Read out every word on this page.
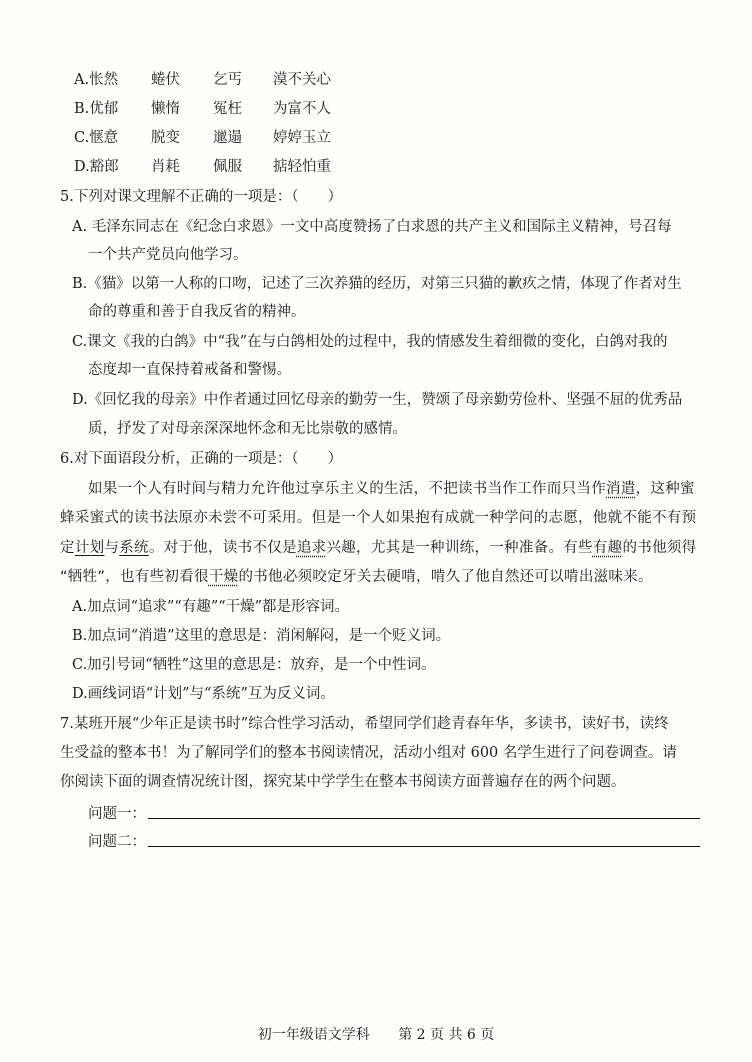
A.怅然 蜷伏 乞丐 漠不关心
B.优郁 懒惰 冤枉 为富不人
C.惬意 脱变 邋遢 婷婷玉立
D.豁郎 肖耗 佩服 掂轻怕重
5.下列对课文理解不正确的一项是：（　　）
A. 毛泽东同志在《纪念白求恩》一文中高度赞扬了白求恩的共产主义和国际主义精神，号召每
一个共产党员向他学习。
B.《猫》以第一人称的口吻，记述了三次养猫的经历，对第三只猫的歉疚之情，体现了作者对生
命的尊重和善于自我反省的精神。
C.课文《我的白鸽》中“我”在与白鸽相处的过程中，我的情感发生着细微的变化，白鸽对我的
态度却一直保持着戒备和警惕。
D.《回忆我的母亲》中作者通过回忆母亲的勤劳一生，赞颂了母亲勤劳俭朴、坚强不屈的优秀品
质，抒发了对母亲深深地怀念和无比崇敬的感情。
6.对下面语段分析，正确的一项是：（　　）
如果一个人有时间与精力允许他过享乐主义的生活，不把读书当作工作而只当作消遣，这种蜜
蜂采蜜式的读书法原亦未尝不可采用。但是一个人如果抱有成就一种学问的志愿，他就不能不有预
定计划与系统。对于他，读书不仅是追求兴趣，尤其是一种训练，一种准备。有些有趣的书他须得
“牺牲”，也有些初看很干燥的书他必须咬定牙关去硬啃，啃久了他自然还可以啃出滋味来。
A.加点词“追求”“有趣”“干燥”都是形容词。
B.加点词“消遣”这里的意思是：消闲解闷，是一个贬义词。
C.加引号词“牺牲”这里的意思是：放弃，是一个中性词。
D.画线词语“计划”与“系统”互为反义词。
7.某班开展“少年正是读书时”综合性学习活动，希望同学们趁青春年华，多读书，读好书，读终
生受益的整本书！为了解同学们的整本书阅读情况，活动小组对 600 名学生进行了问卷调查。请
你阅读下面的调查情况统计图，探究某中学学生在整本书阅读方面普遍存在的两个问题。
问题一：
问题二：
初一年级语文学科 第 2 页 共 6 页
